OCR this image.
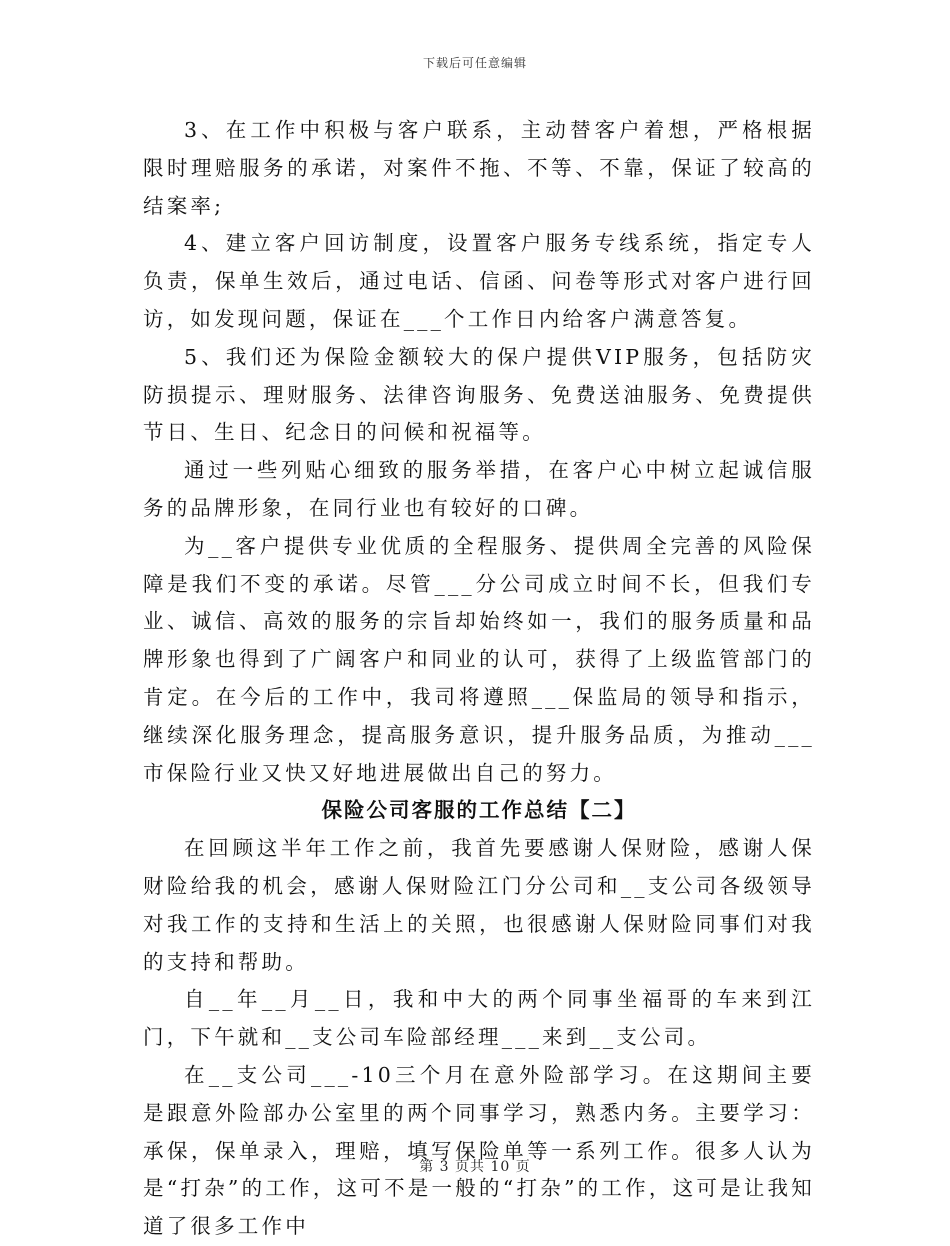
下载后可任意编辑

3、在工作中积极与客户联系，主动替客户着想，严格根据限时理赔服务的承诺，对案件不拖、不等、不靠，保证了较高的结案率;

4、建立客户回访制度，设置客户服务专线系统，指定专人负责，保单生效后，通过电话、信函、问卷等形式对客户进行回访，如发现问题，保证在___个工作日内给客户满意答复。

5、我们还为保险金额较大的保户提供VIP服务，包括防灾防损提示、理财服务、法律咨询服务、免费送油服务、免费提供节日、生日、纪念日的问候和祝福等。

通过一些列贴心细致的服务举措，在客户心中树立起诚信服务的品牌形象，在同行业也有较好的口碑。

为__客户提供专业优质的全程服务、提供周全完善的风险保障是我们不变的承诺。尽管___分公司成立时间不长，但我们专业、诚信、高效的服务的宗旨却始终如一，我们的服务质量和品牌形象也得到了广阔客户和同业的认可，获得了上级监管部门的肯定。在今后的工作中，我司将遵照___保监局的领导和指示，继续深化服务理念，提高服务意识，提升服务品质，为推动___市保险行业又快又好地进展做出自己的努力。

保险公司客服的工作总结【二】

在回顾这半年工作之前，我首先要感谢人保财险，感谢人保财险给我的机会，感谢人保财险江门分公司和__支公司各级领导对我工作的支持和生活上的关照，也很感谢人保财险同事们对我的支持和帮助。

自__年__月__日，我和中大的两个同事坐福哥的车来到江门，下午就和__支公司车险部经理___来到__支公司。

在__支公司___-10三个月在意外险部学习。在这期间主要是跟意外险部办公室里的两个同事学习，熟悉内务。主要学习：承保，保单录入，理赔，填写保险单等一系列工作。很多人认为是“打杂”的工作，这可不是一般的“打杂”的工作，这可是让我知道了很多工作中

第 3 页共 10 页
